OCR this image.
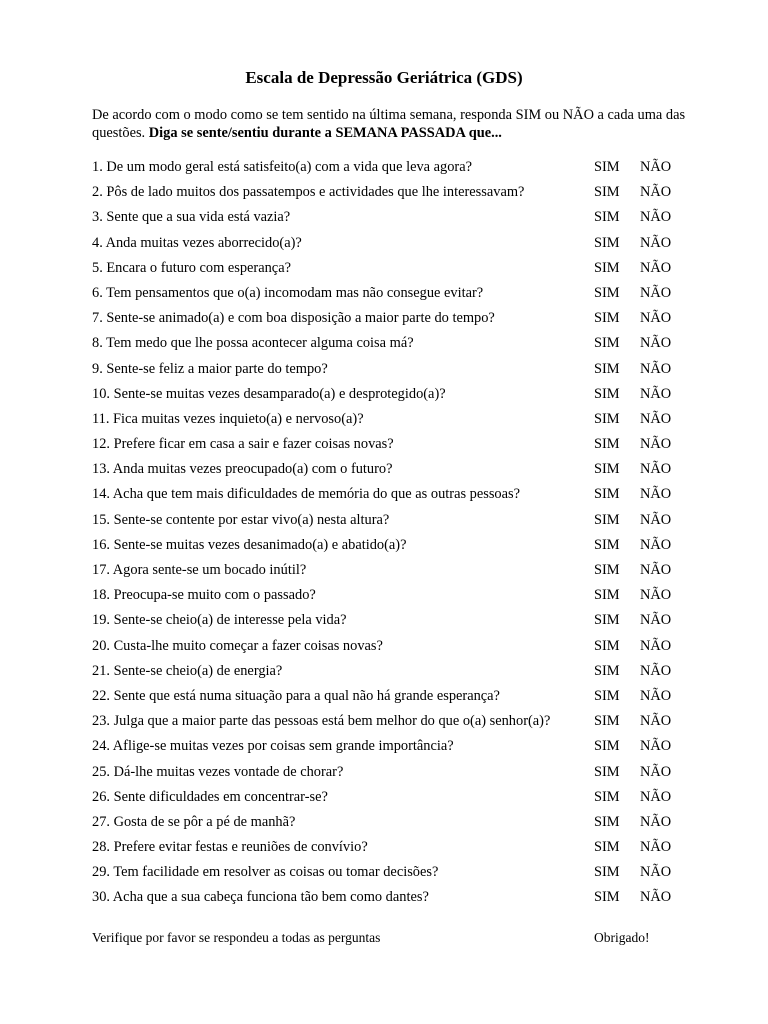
Escala de Depressão Geriátrica (GDS)
De acordo com o modo como se tem sentido na última semana, responda SIM ou NÃO a cada uma das questões. Diga se sente/sentiu durante a SEMANA PASSADA que...
1. De um modo geral está satisfeito(a) com a vida que leva agora?	SIM NÃO
2. Pôs de lado muitos dos passatempos e actividades que lhe interessavam?	SIM NÃO
3. Sente que a sua vida está vazia?	SIM NÃO
4. Anda muitas vezes aborrecido(a)?	SIM NÃO
5. Encara o futuro com esperança?	SIM NÃO
6. Tem pensamentos que o(a) incomodam mas não consegue evitar?	SIM NÃO
7. Sente-se animado(a) e com boa disposição a maior parte do tempo?	SIM NÃO
8. Tem medo que lhe possa acontecer alguma coisa má?	SIM NÃO
9. Sente-se feliz a maior parte do tempo?	SIM NÃO
10. Sente-se muitas vezes desamparado(a) e desprotegido(a)?	SIM NÃO
11. Fica muitas vezes inquieto(a) e nervoso(a)?	SIM NÃO
12. Prefere ficar em casa a sair e fazer coisas novas?	SIM NÃO
13. Anda muitas vezes preocupado(a) com o futuro?	SIM NÃO
14. Acha que tem mais dificuldades de memória do que as outras pessoas?	SIM NÃO
15. Sente-se contente por estar vivo(a) nesta altura?	SIM NÃO
16. Sente-se muitas vezes desanimado(a) e abatido(a)?	SIM NÃO
17. Agora sente-se um bocado inútil?	SIM NÃO
18. Preocupa-se muito com o passado?	SIM NÃO
19. Sente-se cheio(a) de interesse pela vida?	SIM NÃO
20. Custa-lhe muito começar a fazer coisas novas?	SIM NÃO
21. Sente-se cheio(a) de energia?	SIM NÃO
22. Sente que está numa situação para a qual não há grande esperança?	SIM NÃO
23. Julga que a maior parte das pessoas está bem melhor do que o(a) senhor(a)?	SIM NÃO
24. Aflige-se muitas vezes por coisas sem grande importância?	SIM NÃO
25. Dá-lhe muitas vezes vontade de chorar?	SIM NÃO
26. Sente dificuldades em concentrar-se?	SIM NÃO
27. Gosta de se pôr a pé de manhã?	SIM NÃO
28. Prefere evitar festas e reuniões de convívio?	SIM NÃO
29. Tem facilidade em resolver as coisas ou tomar decisões?	SIM NÃO
30. Acha que a sua cabeça funciona tão bem como dantes?	SIM NÃO
Verifique por favor se respondeu a todas as perguntas	Obrigado!
